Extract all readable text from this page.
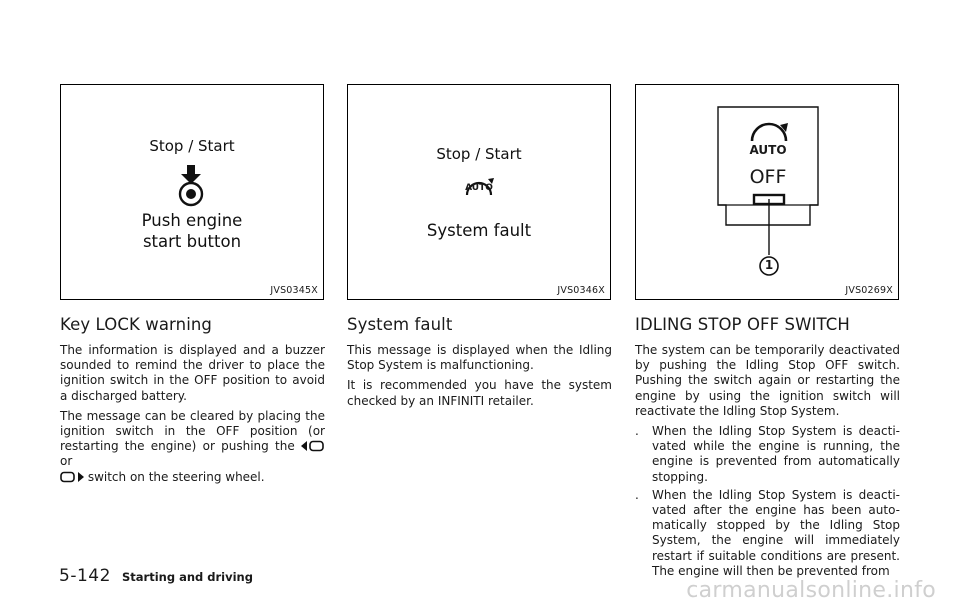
Stop / Start
Push engine
start button
JVS0345X
Stop / Start
AUTO
System fault
JVS0346X
AUTO
OFF
1
JVS0269X
Key LOCK warning

The information is displayed and a buzzer sounded to remind the driver to place the ignition switch in the OFF position to avoid a discharged battery.

The message can be cleared by placing the ignition switch in the OFF position (or restarting the engine) or pushing the  or
switch on the steering wheel.

System fault

This message is displayed when the Idling Stop System is malfunctioning.

It is recommended you have the system checked by an INFINITI retailer.

IDLING STOP OFF SWITCH

The system can be temporarily deactivated by pushing the Idling Stop OFF switch. Pushing the switch again or restarting the engine by using the ignition switch will reactivate the Idling Stop System.

. When the Idling Stop System is deacti-vated while the engine is running, the engine is prevented from automatically stopping.
. When the Idling Stop System is deacti-vated after the engine has been auto-matically stopped by the Idling Stop System, the engine will immediately restart if suitable conditions are present. The engine will then be prevented from
5-142 Starting and driving
carmanualsonline.info
